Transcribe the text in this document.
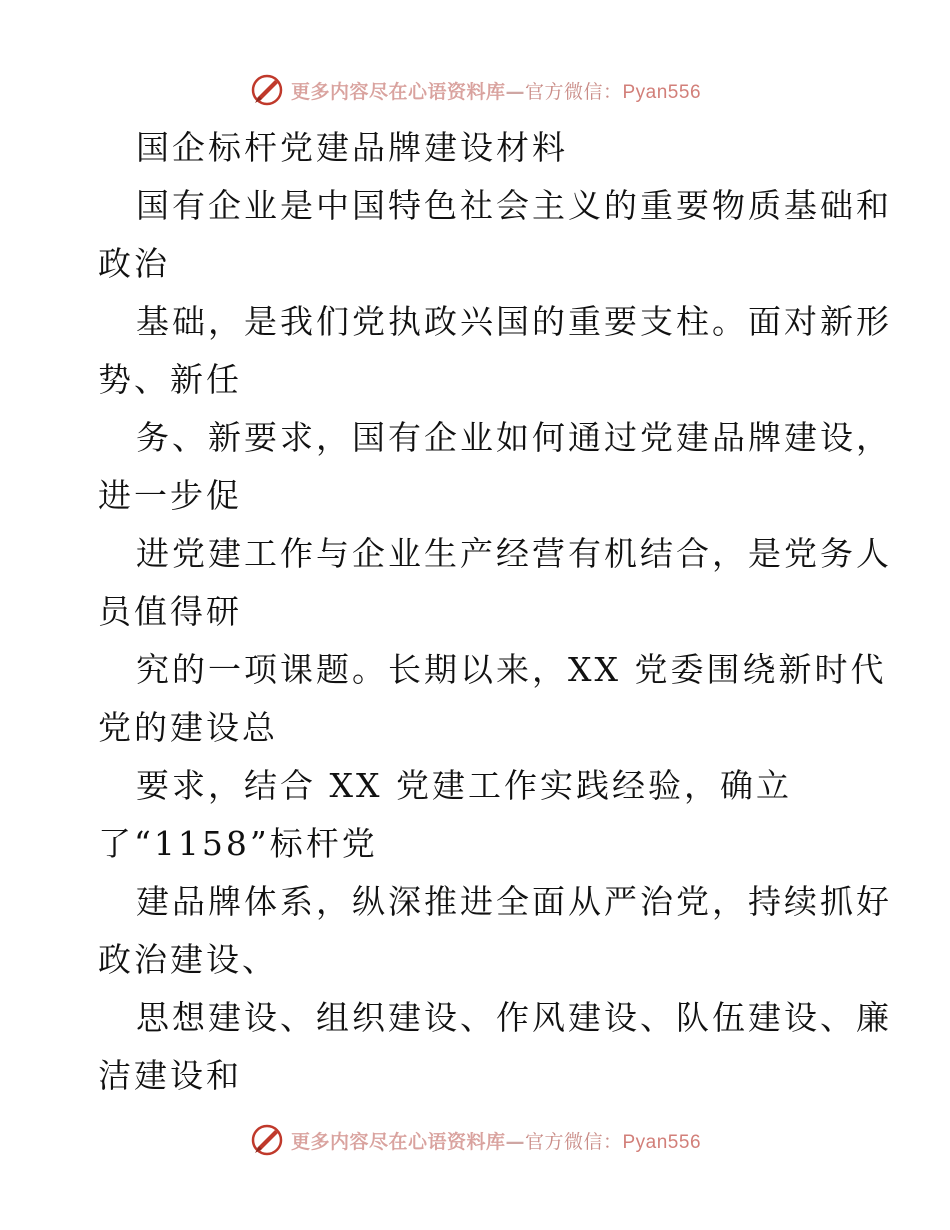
更多内容尽在心语资料库—官方微信：Pyan556
国企标杆党建品牌建设材料
国有企业是中国特色社会主义的重要物质基础和
政治
基础，是我们党执政兴国的重要支柱。面对新形
势、新任
务、新要求，国有企业如何通过党建品牌建设，
进一步促
进党建工作与企业生产经营有机结合，是党务人
员值得研
究的一项课题。长期以来，XX 党委围绕新时代
党的建设总
要求，结合 XX 党建工作实践经验，确立
了“1158”标杆党
建品牌体系，纵深推进全面从严治党，持续抓好
政治建设、
思想建设、组织建设、作风建设、队伍建设、廉
洁建设和
更多内容尽在心语资料库—官方微信：Pyan556
